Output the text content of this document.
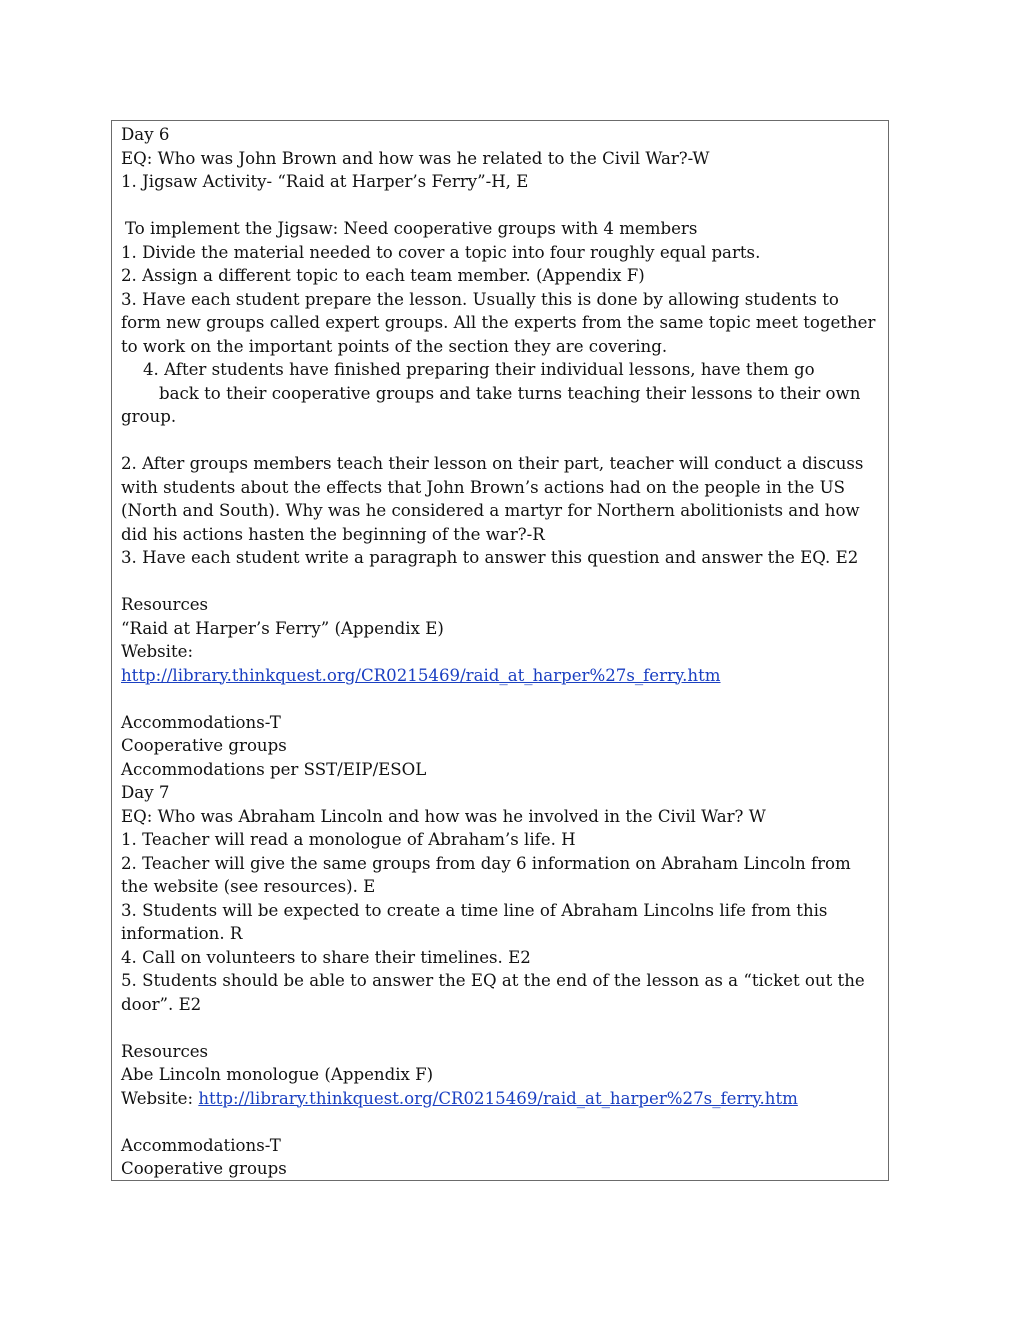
Day 6
EQ: Who was John Brown and how was he related to the Civil War?-W
1. Jigsaw Activity- “Raid at Harper’s Ferry”-H, E
To implement the Jigsaw: Need cooperative groups with 4 members
1. Divide the material needed to cover a topic into four roughly equal parts.
2. Assign a different topic to each team member. (Appendix F)
3. Have each student prepare the lesson. Usually this is done by allowing students to
form new groups called expert groups. All the experts from the same topic meet together
to work on the important points of the section they are covering.
4. After students have finished preparing their individual lessons, have them go
back to their cooperative groups and take turns teaching their lessons to their own
group.
2. After groups members teach their lesson on their part, teacher will conduct a discuss
with students about the effects that John Brown’s actions had on the people in the US
(North and South). Why was he considered a martyr for Northern abolitionists and how
did his actions hasten the beginning of the war?-R
3. Have each student write a paragraph to answer this question and answer the EQ. E2
Resources
“Raid at Harper’s Ferry” (Appendix E)
Website:
http://library.thinkquest.org/CR0215469/raid_at_harper%27s_ferry.htm
Accommodations-T
Cooperative groups
Accommodations per SST/EIP/ESOL
Day 7
EQ: Who was Abraham Lincoln and how was he involved in the Civil War? W
1. Teacher will read a monologue of Abraham’s life. H
2. Teacher will give the same groups from day 6 information on Abraham Lincoln from
the website (see resources). E
3. Students will be expected to create a time line of Abraham Lincolns life from this
information. R
4. Call on volunteers to share their timelines. E2
5. Students should be able to answer the EQ at the end of the lesson as a “ticket out the
door”. E2
Resources
Abe Lincoln monologue (Appendix F)
Website: http://library.thinkquest.org/CR0215469/raid_at_harper%27s_ferry.htm
Accommodations-T
Cooperative groups
